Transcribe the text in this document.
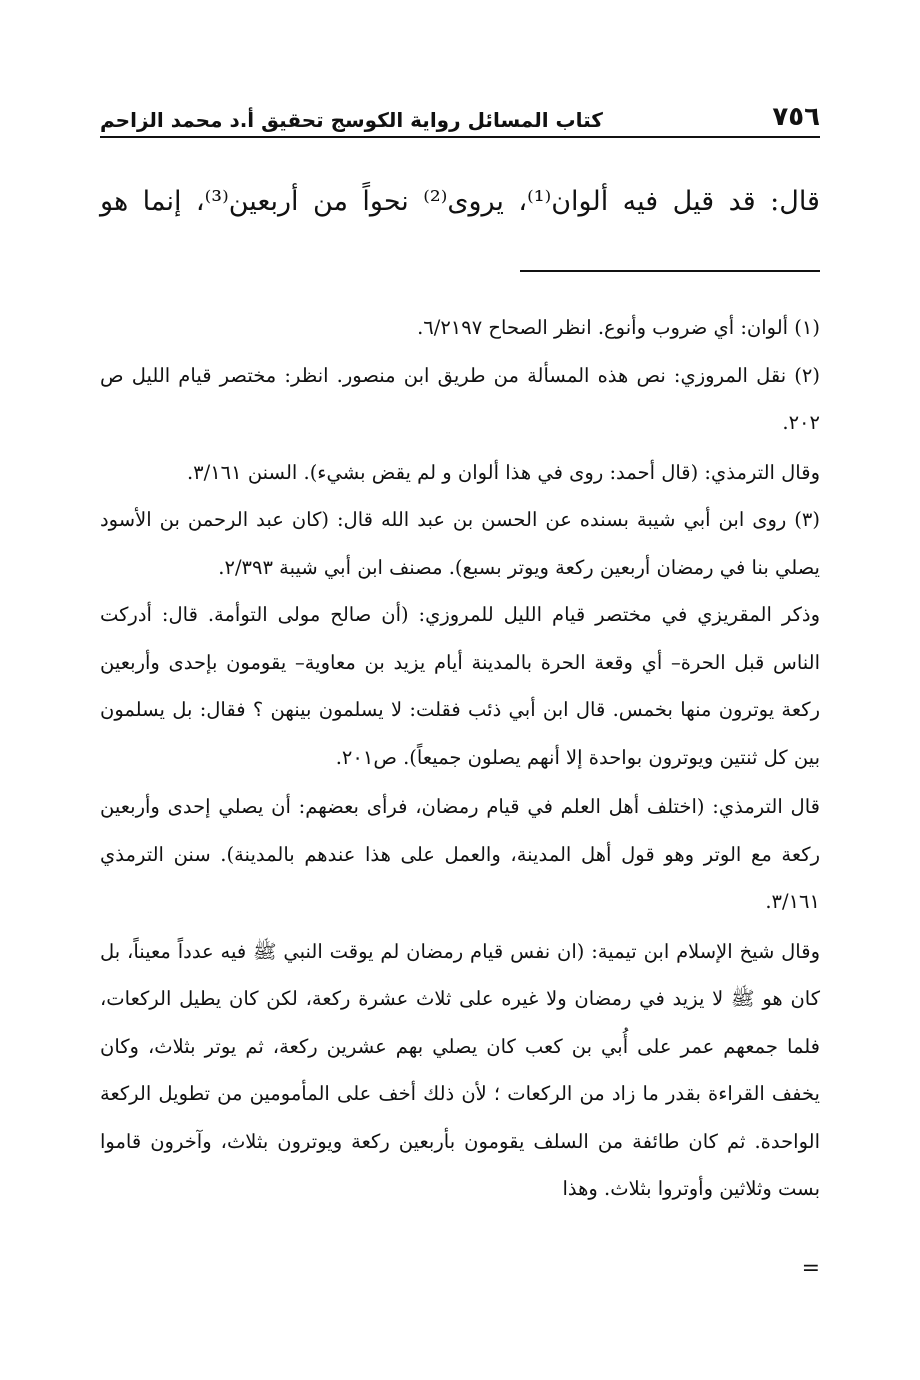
٧٥٦
كتاب المسائل رواية الكوسج تحقيق أ.د محمد الزاحم
قال: قد قيل فيه ألوان⁽¹⁾، يروى⁽²⁾ نحواً من أربعين⁽³⁾، إنما هو

(١) ألوان: أي ضروب وأنوع. انظر الصحاح ٦/٢١٩٧.

(٢) نقل المروزي: نص هذه المسألة من طريق ابن منصور. انظر: مختصر قيام الليل ص ٢٠٢.

وقال الترمذي: (قال أحمد: روى في هذا ألوان و لم يقض بشيء). السنن ٣/١٦١.

(٣) روى ابن أبي شيبة بسنده عن الحسن بن عبد الله قال: (كان عبد الرحمن بن الأسود يصلي بنا في رمضان أربعين ركعة ويوتر بسبع). مصنف ابن أبي شيبة ٢/٣٩٣.

وذكر المقريزي في مختصر قيام الليل للمروزي: (أن صالح مولى التوأمة. قال: أدركت الناس قبل الحرة– أي وقعة الحرة بالمدينة أيام يزيد بن معاوية– يقومون بإحدى وأربعين ركعة يوترون منها بخمس. قال ابن أبي ذئب فقلت: لا يسلمون بينهن ؟ فقال: بل يسلمون بين كل ثنتين ويوترون بواحدة إلا أنهم يصلون جميعاً). ص٢٠١.

قال الترمذي: (اختلف أهل العلم في قيام رمضان، فرأى بعضهم: أن يصلي إحدى وأربعين ركعة مع الوتر وهو قول أهل المدينة، والعمل على هذا عندهم بالمدينة). سنن الترمذي ٣/١٦١.

وقال شيخ الإسلام ابن تيمية: (ان نفس قيام رمضان لم يوقت النبي ﷺ فيه عدداً معيناً، بل كان هو ﷺ لا يزيد في رمضان ولا غيره على ثلاث عشرة ركعة، لكن كان يطيل الركعات، فلما جمعهم عمر على أُبي بن كعب كان يصلي بهم عشرين ركعة، ثم يوتر بثلاث، وكان يخفف القراءة بقدر ما زاد من الركعات ؛ لأن ذلك أخف على المأمومين من تطويل الركعة الواحدة. ثم كان طائفة من السلف يقومون بأربعين ركعة ويوترون بثلاث، وآخرون قاموا بست وثلاثين وأوتروا بثلاث. وهذا

=
